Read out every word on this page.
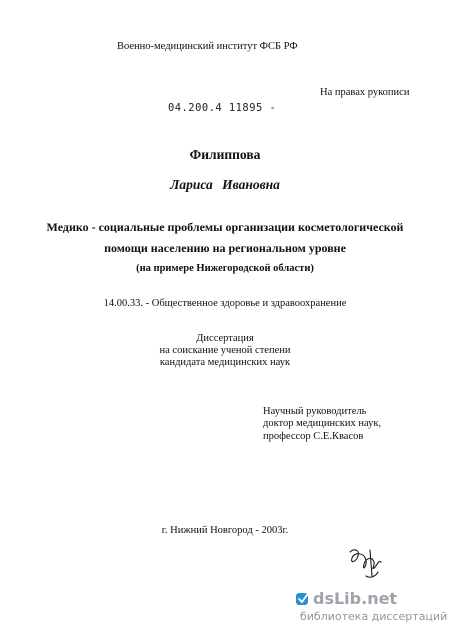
Военно-медицинский институт ФСБ РФ
На правах рукописи
04.200.4 11895 -
Филиппова
Лариса Ивановна
Медико - социальные проблемы организации косметологической
помощи населению на региональном уровне
(на примере Нижегородской области)
14.00.33. - Общественное здоровье и здравоохранение
Диссертация
на соискание ученой степени
кандидата медицинских наук
Научный руководитель
доктор медицинских наук,
профессор С.Е.Квасов
г. Нижний Новгород - 2003г.
dsLib.net
библиотека диссертаций
